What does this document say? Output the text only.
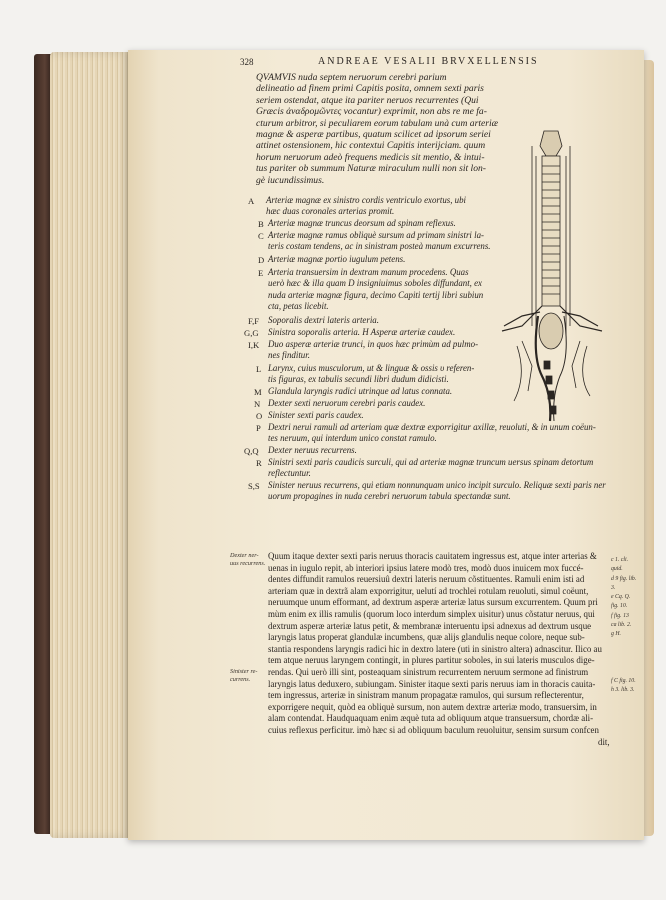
328	ANDREAE VESALII BRVXELLENSIS
QVAMVIS nuda septem neruorum cerebri parium
delineatio ad finem primi Capitis posita, omnem sexti paris
seriem ostendat, atque ita pariter neruos recurrentes (Qui
Græcis ἀναδρομῶντες vocantur) exprimit, non abs re me fa-
cturum arbitror, si peculiarem eorum tabulam unà cum arteriæ
magnæ & asperæ partibus, quatum scilicet ad ipsorum seriei
attinet ostensionem, hic contextui Capitis interijciam. quum
horum neruorum adeò frequens medicis sit mentio, & intui-
tus pariter ob summum Naturæ miraculum nulli non sit lon-
gè iucundissimus.
A Arteriæ magnæ ex sinistro cordis ventriculo exortus, ubi
hæc duas coronales arterias promit.
B Arteriæ magnæ truncus deorsum ad spinam reflexus.
C Arteriæ magnæ ramus obliquè sursum ad primam sinistri la-
teris costam tendens, ac in sinistram posteà manum excurrens.
D Arteriæ magnæ portio iugulum petens.
E Arteria transuersim in dextram manum procedens. Quas
uerò hæc & illa quam D insigniuimus soboles diffundant, ex
nuda arteriæ magnæ figura, decimo Capiti tertij libri subiun
cta, petas licebit.
F,F Soporalis dextri lateris arteria.
G,G Sinistra soporalis arteria. H Asperæ arteriæ caudex.
I,K Duo asperæ arteriæ trunci, in quos hæc primùm ad pulmo-
nes finditur.
L Larynx, cuius musculorum, ut & linguæ & ossis υ referen-
tis figuras, ex tabulis secundi libri dudum didicisti.
M Glandula laryngis radici utrinque ad latus connata.
N Dexter sexti neruorum cerebri paris caudex.
O Sinister sexti paris caudex.
P Dextri nerui ramuli ad arteriam quæ dextræ exporrigitur axillæ, reuoluti, & in unum coëun-
tes neruum, qui interdum unico constat ramulo.
Q,Q Dexter neruus recurrens.
R Sinistri sexti paris caudicis surculi, qui ad arteriæ magnæ truncum uersus spinam detortum
reflectuntur.
S,S Sinister neruus recurrens, qui etiam nonnunquam unico incipit surculo. Reliquæ sexti paris ner
uorum propagines in nuda cerebri neruorum tabula spectandæ sunt.
Dexter ner-
uus recurrens.
Sinister re-
currens.
Quum itaque dexter sexti paris neruus thoracis cauitatem ingressus est, atque inter arterias &
uenas in iugulo repit, ab interiori ipsius latere modò tres, modò duos inuicem mox fuccé-
dentes diffundit ramulos reuersiuû dextri lateris neruum cõstituentes. Ramuli enim isti ad
arteriam quæ in dextrã alam exporrigitur, uelutí ad trochlei rotulam reuoluti, simul coëunt,
neruumque unum efformant, ad dextrum asperæ arteriæ latus sursum excurrentem. Quum pri
mùm enim ex illis ramulis (quorum loco interdum simplex uisitur) unus cõstatur neruus, qui
dextrum asperæ arteriæ latus petit, & membranæ interuentu ipsi adnexus ad dextrum usque
laryngis latus properat glandulæ incumbens, quæ alijs glandulis neque colore, neque sub-
stantia respondens laryngis radici hic in dextro latere (uti in sinistro altera) adnascitur. Ilico au
tem atque neruus laryngem contingit, in plures partitur soboles, in sui lateris musculos dige-
rendas. Qui uerò illi sint, posteaquam sinistrum recurrentem neruum sermone ad finistrum
laryngis latus deduxero, subiungam. Sinister itaque sexti paris neruus iam in thoracis cauita-
tem ingressus, arteriæ in sinistram manum propagatæ ramulos, qui sursum reflecterentur,
exporrigere nequit, quòd ea obliquè sursum, non autem dextræ arteriæ modo, transuersim, in
alam contendat. Haudquaquam enim æquè tuta ad obliquum atque transuersum, chordæ ali-
cuius reflexus perficitur. imò hæc si ad obliquum baculum reuoluitur, sensim sursum confcen
dit,
c 1. cli.
quid.
d 9 fig. lib.
3.
e Cq. Q.
fig. 10.
f fig. 13
ca lib. 2.
g H.

f C fig. 10.
h 3. lib. 3.
